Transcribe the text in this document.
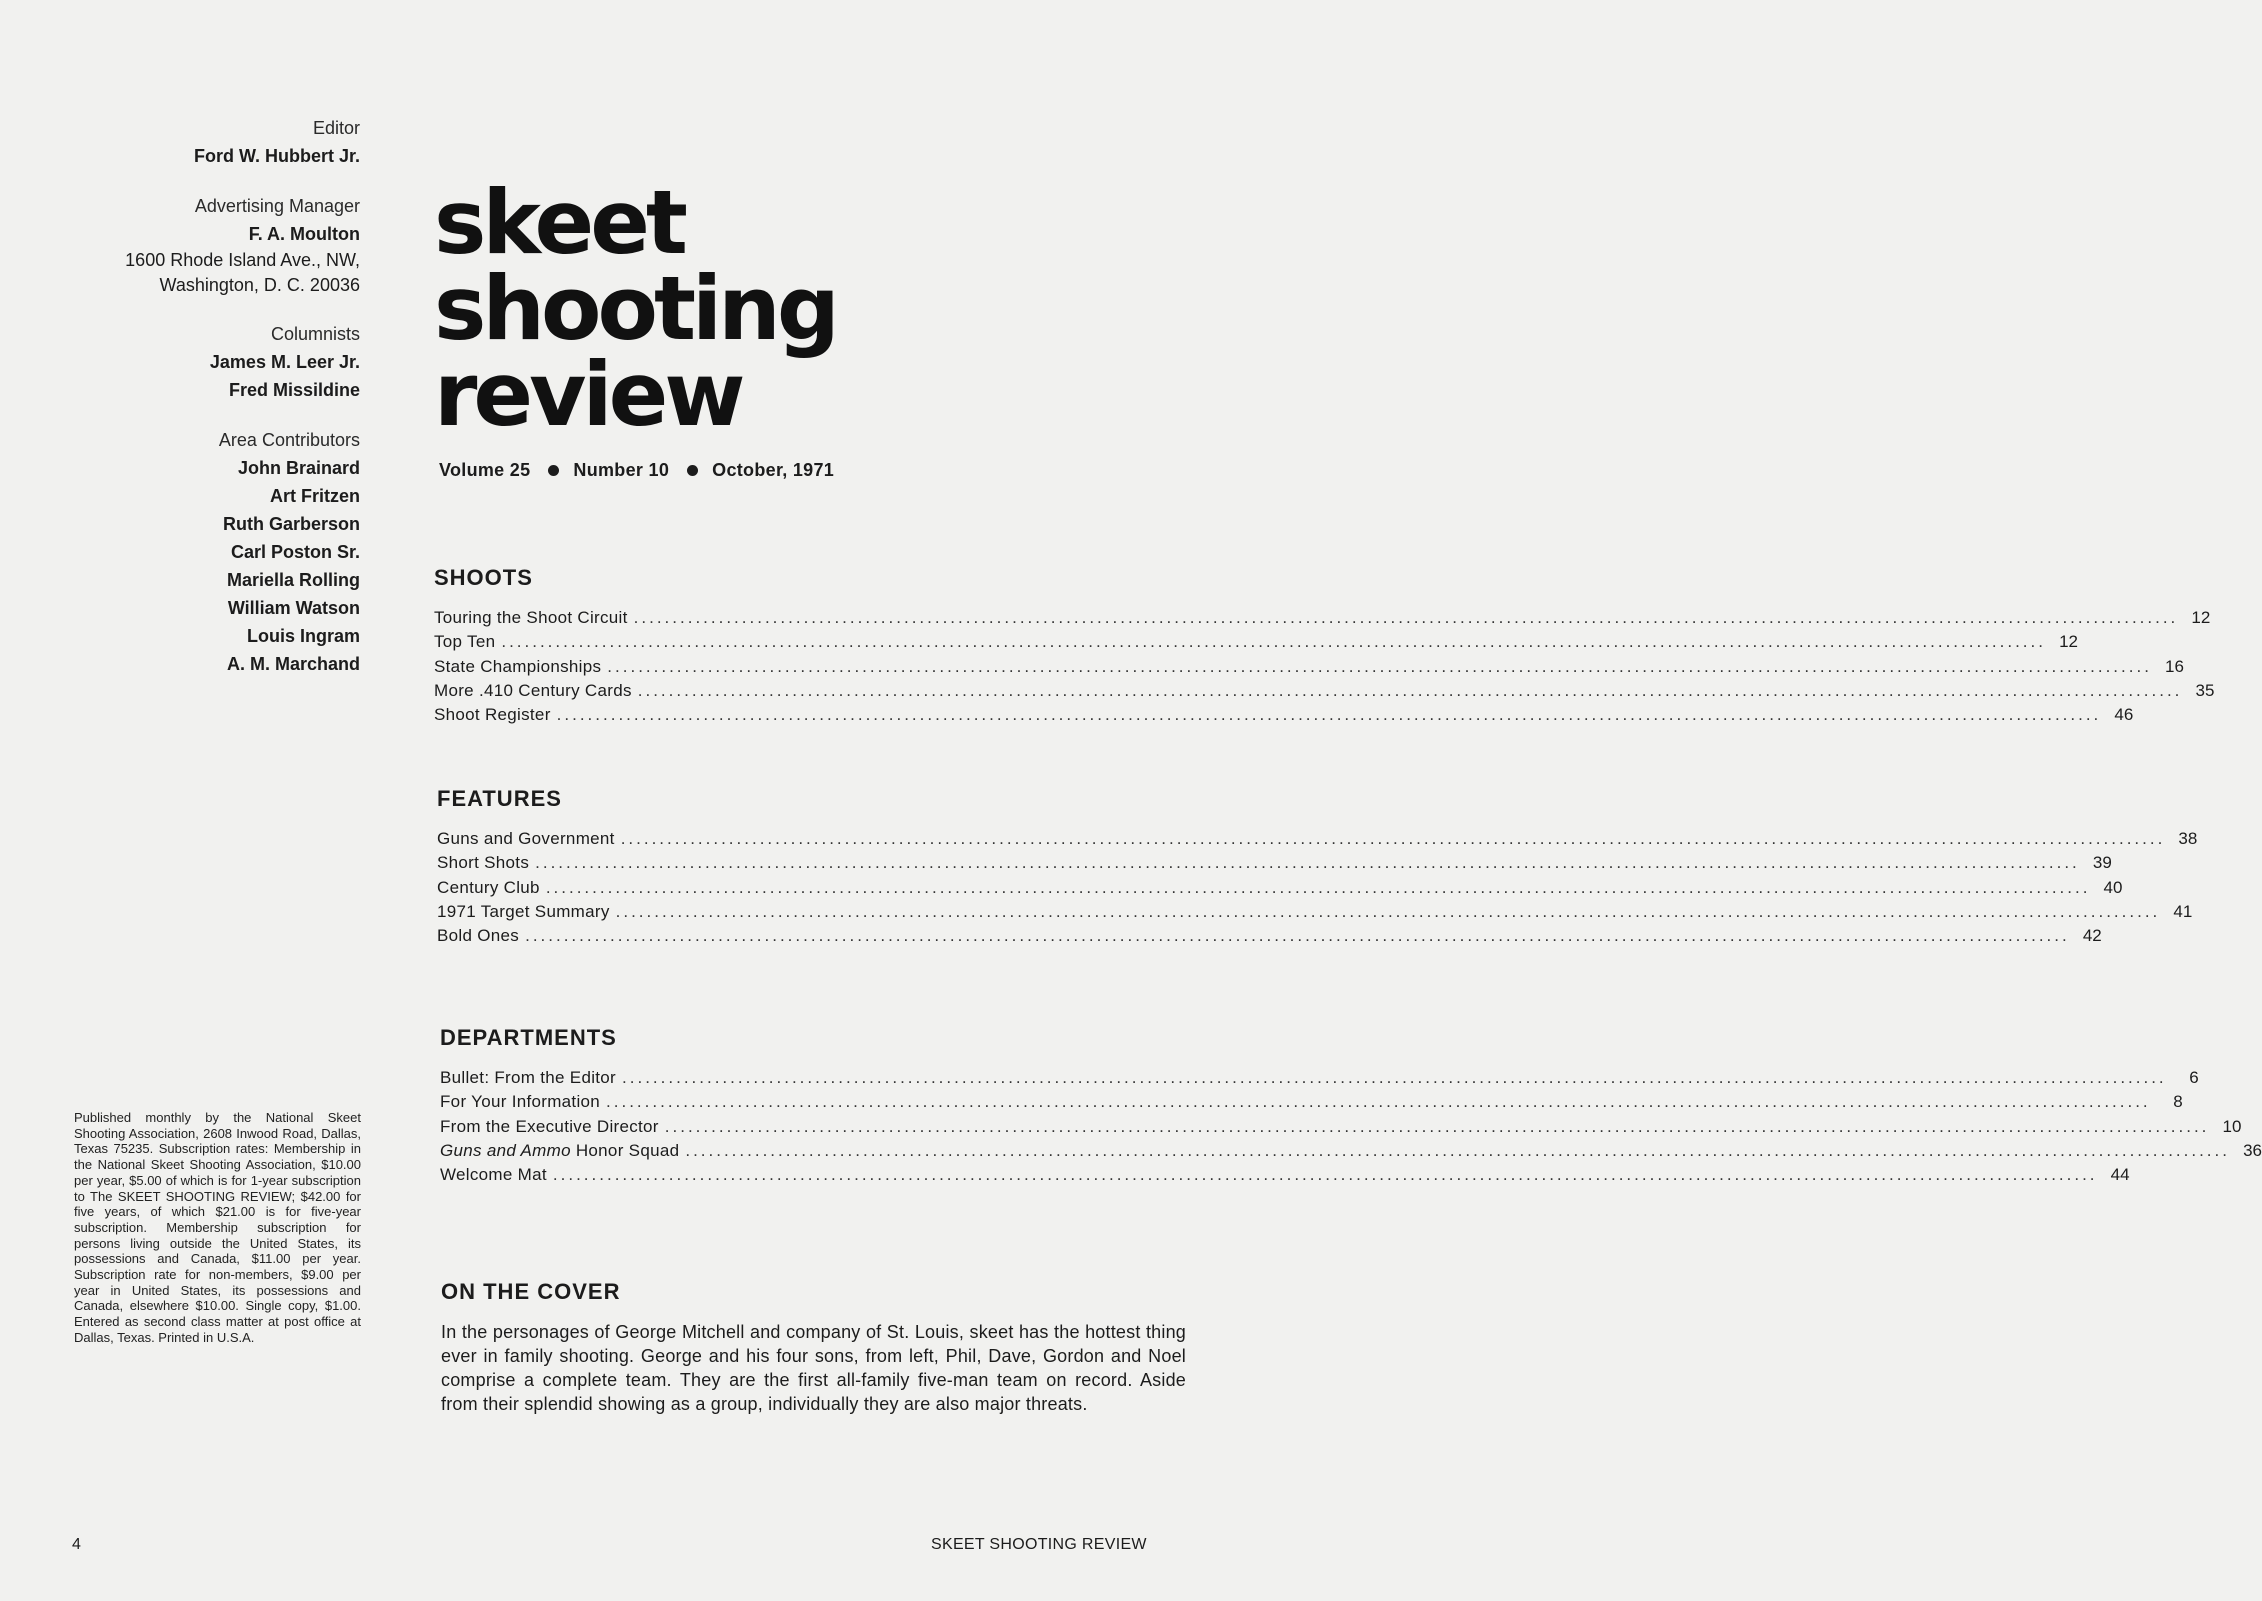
Editor
Ford W. Hubbert Jr.
Advertising Manager
F. A. Moulton
1600 Rhode Island Ave., NW,
Washington, D. C. 20036
Columnists
James M. Leer Jr.
Fred Missildine
Area Contributors
John Brainard
Art Fritzen
Ruth Garberson
Carl Poston Sr.
Mariella Rolling
William Watson
Louis Ingram
A. M. Marchand
Published monthly by the National Skeet Shooting Association, 2608 Inwood Road, Dallas, Texas 75235. Subscription rates: Membership in the National Skeet Shooting Association, $10.00 per year, $5.00 of which is for 1-year subscription to The SKEET SHOOTING REVIEW; $42.00 for five years, of which $21.00 is for five-year subscription. Membership subscription for persons living outside the United States, its possessions and Canada, $11.00 per year. Subscription rate for non-members, $9.00 per year in United States, its possessions and Canada, elsewhere $10.00. Single copy, $1.00. Entered as second class matter at post office at Dallas, Texas. Printed in U.S.A.
skeet
shooting
review
Volume 25 Number 10 October, 1971
SHOOTS
Touring the Shoot Circuit ........................................................................................................................................................................................................ 12
Top Ten ........................................................................................................................................................................................................ 12
State Championships ........................................................................................................................................................................................................ 16
More .410 Century Cards ........................................................................................................................................................................................................ 35
Shoot Register ........................................................................................................................................................................................................ 46
FEATURES
Guns and Government ........................................................................................................................................................................................................ 38
Short Shots ........................................................................................................................................................................................................ 39
Century Club ........................................................................................................................................................................................................ 40
1971 Target Summary ........................................................................................................................................................................................................ 41
Bold Ones ........................................................................................................................................................................................................ 42
DEPARTMENTS
Bullet: From the Editor ........................................................................................................................................................................................................	6
For Your Information ........................................................................................................................................................................................................	8
From the Executive Director ........................................................................................................................................................................................................ 10
Guns and Ammo Honor Squad ........................................................................................................................................................................................................ 36
Welcome Mat ........................................................................................................................................................................................................ 44
ON THE COVER
In the personages of George Mitchell and company of St. Louis, skeet has the hottest thing ever in family shooting. George and his four sons, from left, Phil, Dave, Gordon and Noel comprise a complete team. They are the first all-family five-man team on record. Aside from their splendid showing as a group, individually they are also major threats.
4	SKEET SHOOTING REVIEW
